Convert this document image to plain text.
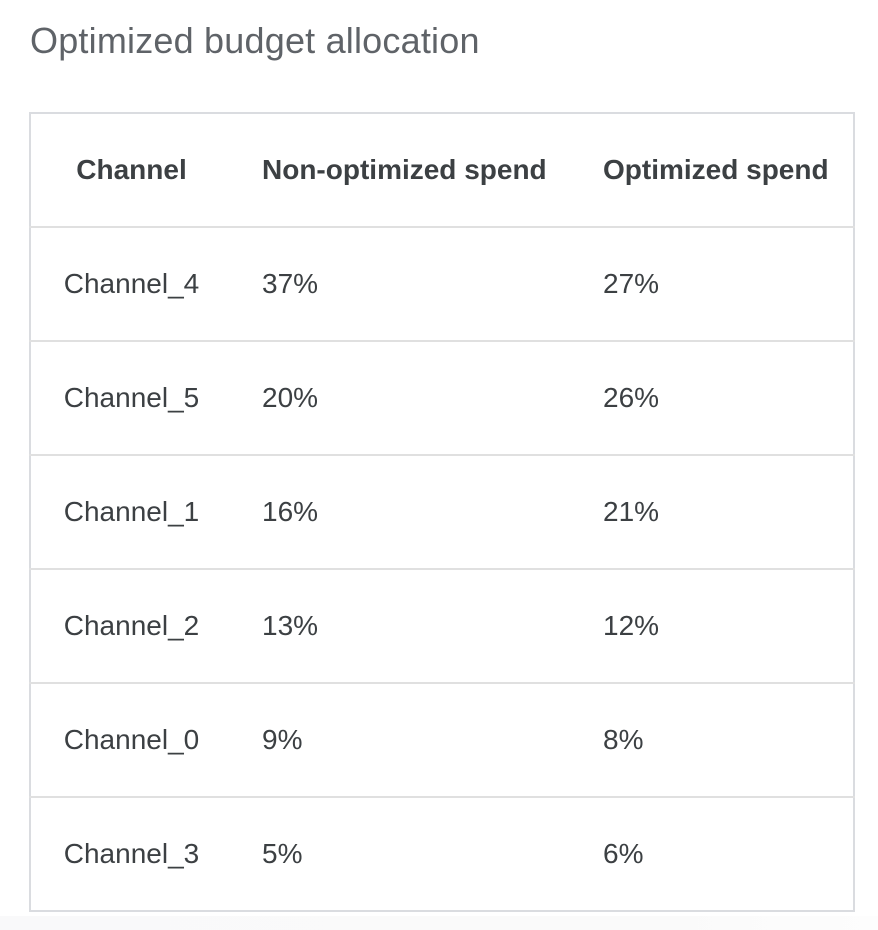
Optimized budget allocation
Channel	Non-optimized spend	Optimized spend
Channel_4	37%	27%
Channel_5	20%	26%
Channel_1	16%	21%
Channel_2	13%	12%
Channel_0	9%	8%
Channel_3	5%	6%
